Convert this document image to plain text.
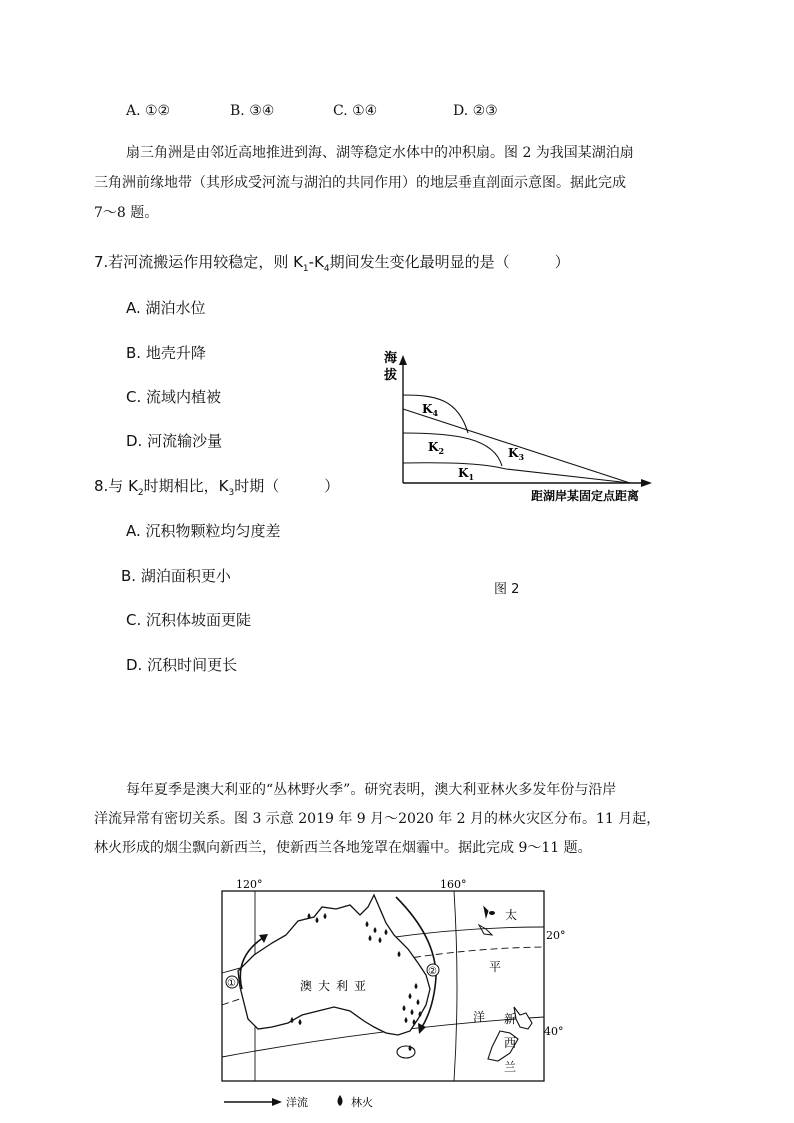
A. ①②	B. ③④	C. ①④	D. ②③
扇三角洲是由邻近高地推进到海、湖等稳定水体中的冲积扇。图 2 为我国某湖泊扇
三角洲前缘地带（其形成受河流与湖泊的共同作用）的地层垂直剖面示意图。据此完成
7～8 题。
7.若河流搬运作用较稳定，则 $K_1-K_4$期间发生变化最明显的是（　　　）
A. 湖泊水位
B. 地壳升降
C. 流域内植被
D. 河流输沙量
8.与 $K_2$时期相比，$K_3$时期（　　　）
A. 沉积物颗粒均匀度差
B. 湖泊面积更小
C. 沉积体坡面更陡
D. 沉积时间更长
海
拔
距湖岸某固定点距离
$K_4$
$K_2$	$K_3$
$K_1$
图 2
每年夏季是澳大利亚的“丛林野火季”。研究表明，澳大利亚林火多发年份与沿岸
洋流异常有密切关系。图 3 示意 2019 年 9 月～2020 年 2 月的林火灾区分布。11 月起，
林火形成的烟尘飘向新西兰，使新西兰各地笼罩在烟霾中。据此完成 9～11 题。
120°	160°
20°
40°
①
②
澳 大 利 亚
太
平
洋 新
西
兰
洋流	林火
